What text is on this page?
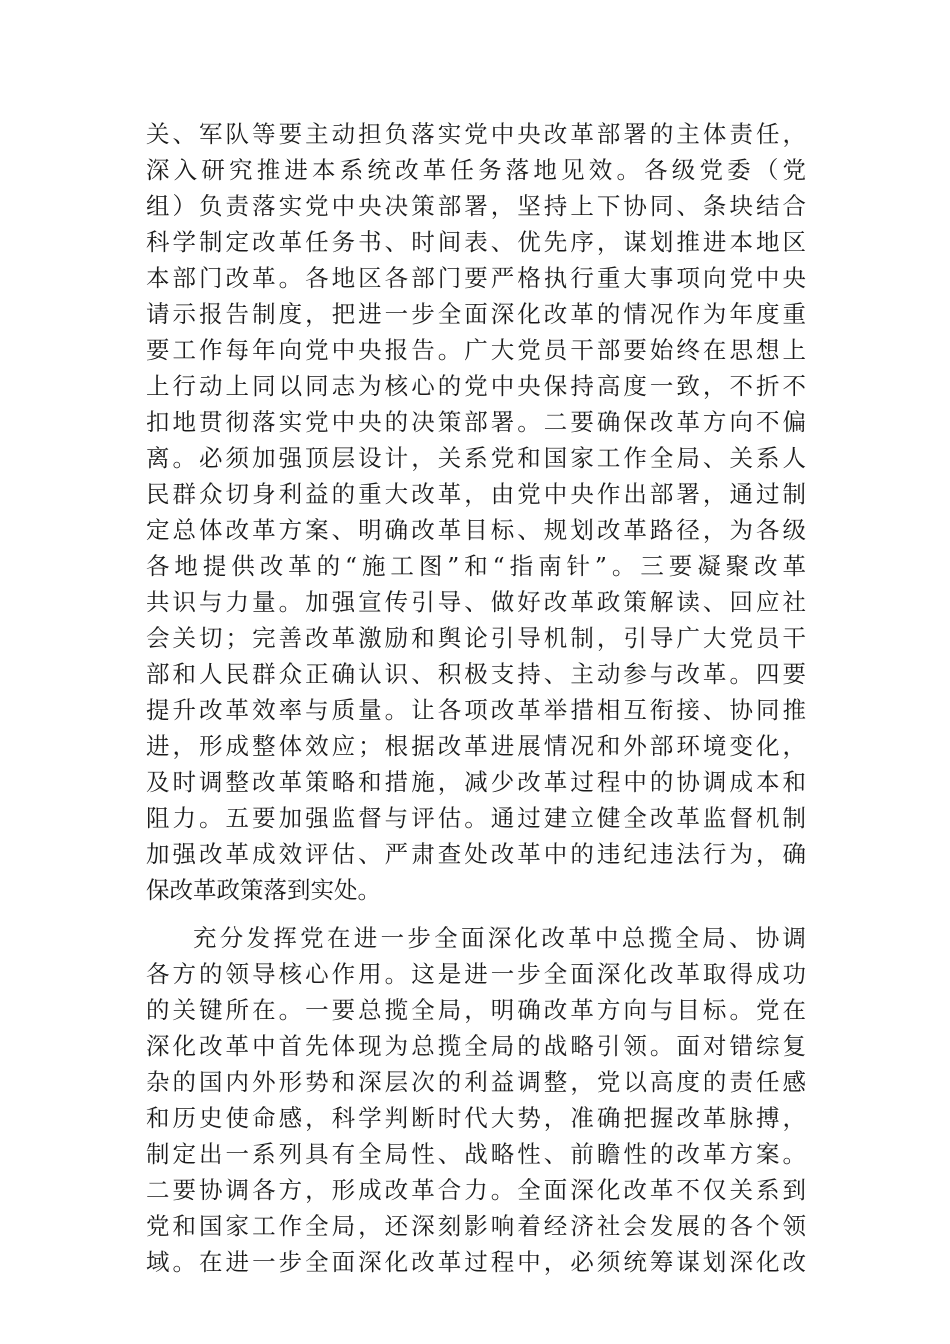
关、军队等要主动担负落实党中央改革部署的主体责任，
深入研究推进本系统改革任务落地见效。各级党委（党
组）负责落实党中央决策部署，坚持上下协同、条块结合
科学制定改革任务书、时间表、优先序，谋划推进本地区
本部门改革。各地区各部门要严格执行重大事项向党中央
请示报告制度，把进一步全面深化改革的情况作为年度重
要工作每年向党中央报告。广大党员干部要始终在思想上
上行动上同以同志为核心的党中央保持高度一致，不折不
扣地贯彻落实党中央的决策部署。二要确保改革方向不偏
离。必须加强顶层设计，关系党和国家工作全局、关系人
民群众切身利益的重大改革，由党中央作出部署，通过制
定总体改革方案、明确改革目标、规划改革路径，为各级
各地提供改革的“施工图”和“指南针”。三要凝聚改革
共识与力量。加强宣传引导、做好改革政策解读、回应社
会关切；完善改革激励和舆论引导机制，引导广大党员干
部和人民群众正确认识、积极支持、主动参与改革。四要
提升改革效率与质量。让各项改革举措相互衔接、协同推
进，形成整体效应；根据改革进展情况和外部环境变化，
及时调整改革策略和措施，减少改革过程中的协调成本和
阻力。五要加强监督与评估。通过建立健全改革监督机制
加强改革成效评估、严肃查处改革中的违纪违法行为，确
保改革政策落到实处。
充分发挥党在进一步全面深化改革中总揽全局、协调
各方的领导核心作用。这是进一步全面深化改革取得成功
的关键所在。一要总揽全局，明确改革方向与目标。党在
深化改革中首先体现为总揽全局的战略引领。面对错综复
杂的国内外形势和深层次的利益调整，党以高度的责任感
和历史使命感，科学判断时代大势，准确把握改革脉搏，
制定出一系列具有全局性、战略性、前瞻性的改革方案。
二要协调各方，形成改革合力。全面深化改革不仅关系到
党和国家工作全局，还深刻影响着经济社会发展的各个领
域。在进一步全面深化改革过程中，必须统筹谋划深化改
